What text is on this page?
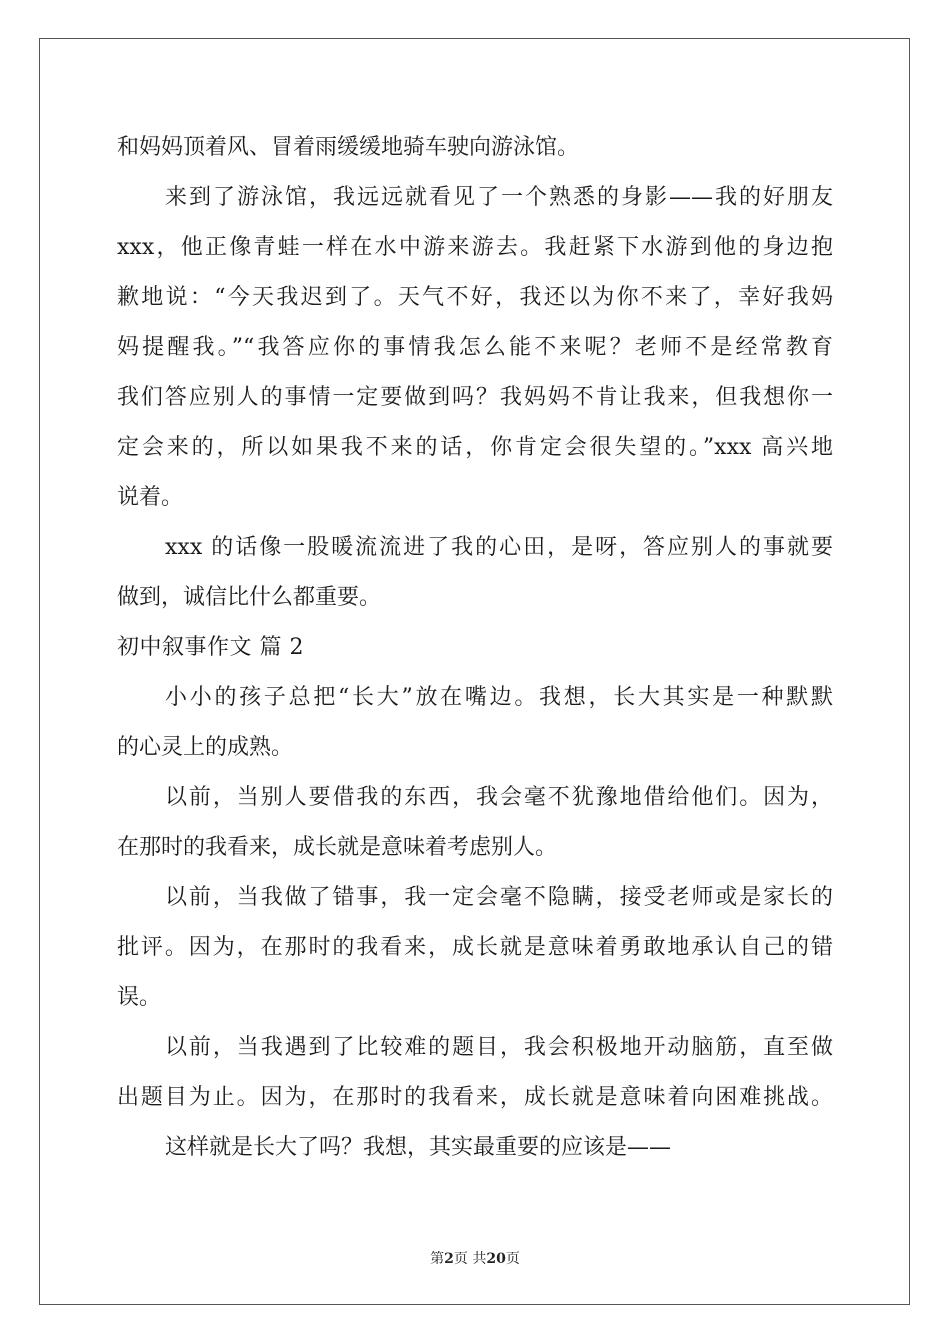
和妈妈顶着风、冒着雨缓缓地骑车驶向游泳馆。
来到了游泳馆，我远远就看见了一个熟悉的身影——我的好朋友
xxx，他正像青蛙一样在水中游来游去。我赶紧下水游到他的身边抱
歉地说：“今天我迟到了。天气不好，我还以为你不来了，幸好我妈
妈提醒我。”“我答应你的事情我怎么能不来呢？老师不是经常教育
我们答应别人的事情一定要做到吗？我妈妈不肯让我来，但我想你一
定会来的，所以如果我不来的话，你肯定会很失望的。”xxx 高兴地
说着。
xxx 的话像一股暖流流进了我的心田，是呀，答应别人的事就要
做到，诚信比什么都重要。
初中叙事作文 篇 2
小小的孩子总把“长大”放在嘴边。我想，长大其实是一种默默
的心灵上的成熟。
以前，当别人要借我的东西，我会毫不犹豫地借给他们。因为，
在那时的我看来，成长就是意味着考虑别人。
以前，当我做了错事，我一定会毫不隐瞒，接受老师或是家长的
批评。因为，在那时的我看来，成长就是意味着勇敢地承认自己的错
误。
以前，当我遇到了比较难的题目，我会积极地开动脑筋，直至做
出题目为止。因为，在那时的我看来，成长就是意味着向困难挑战。
这样就是长大了吗？我想，其实最重要的应该是——
第2页 共20页
